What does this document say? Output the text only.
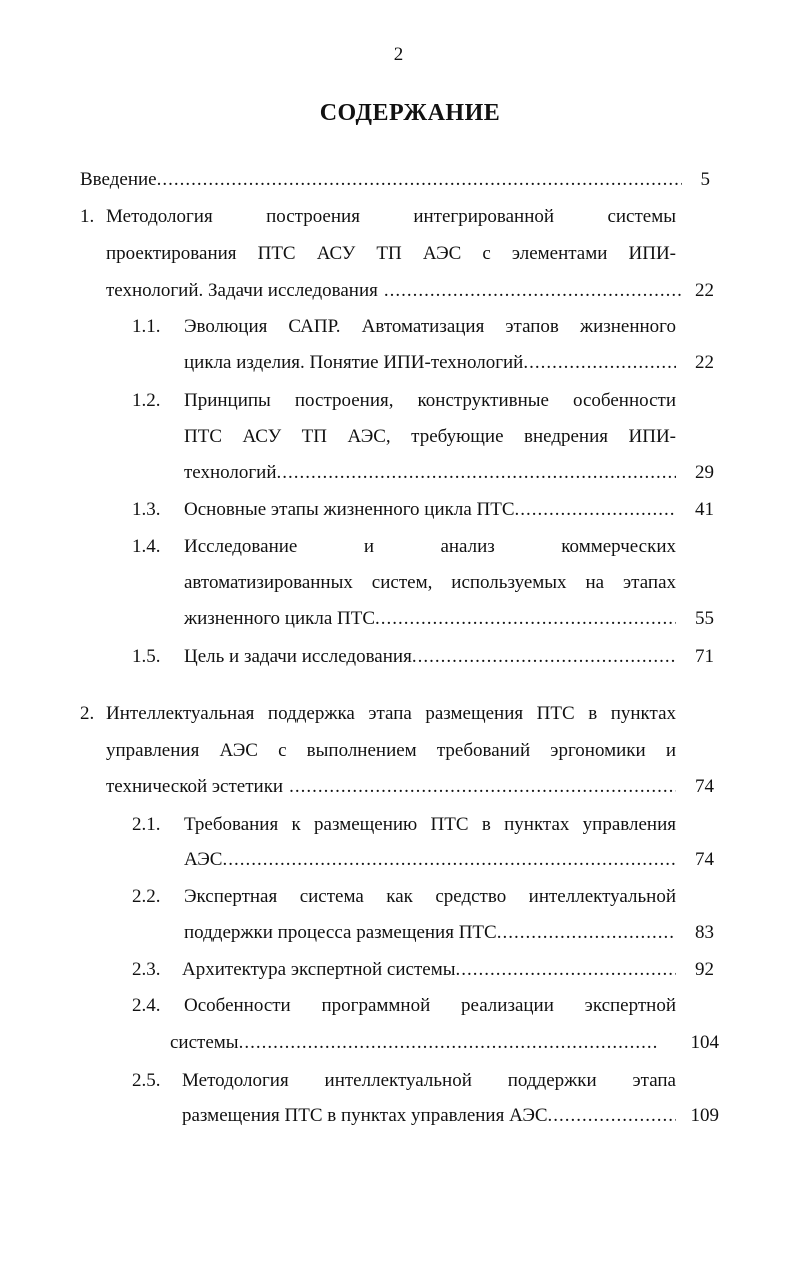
2
СОДЕРЖАНИЕ
Введение .....	5
1. Методология построения интегрированной системы
проектирования ПТС АСУ ТП АЭС с элементами ИПИ-
технологий. Задачи исследования .....	22
1.1. Эволюция САПР. Автоматизация этапов жизненного
цикла изделия. Понятие ИПИ-технологий .....	22
1.2. Принципы построения, конструктивные особенности
ПТС АСУ ТП АЭС, требующие внедрения ИПИ-
технологий .....	29
1.3. Основные этапы жизненного цикла ПТС .....	41
1.4. Исследование и анализ коммерческих
автоматизированных систем, используемых на этапах
жизненного цикла ПТС .....	55
1.5. Цель и задачи исследования .....	71
2. Интеллектуальная поддержка этапа размещения ПТС в пунктах
управления АЭС с выполнением требований эргономики и
технической эстетики .....	74
2.1. Требования к размещению ПТС в пунктах управления
АЭС .....	74
2.2. Экспертная система как средство интеллектуальной
поддержки процесса размещения ПТС .....	83
2.3. Архитектура экспертной системы .....	92
2.4. Особенности программной реализации экспертной
системы .....	104
2.5. Методология интеллектуальной поддержки этапа
размещения ПТС в пунктах управления АЭС .....	109
